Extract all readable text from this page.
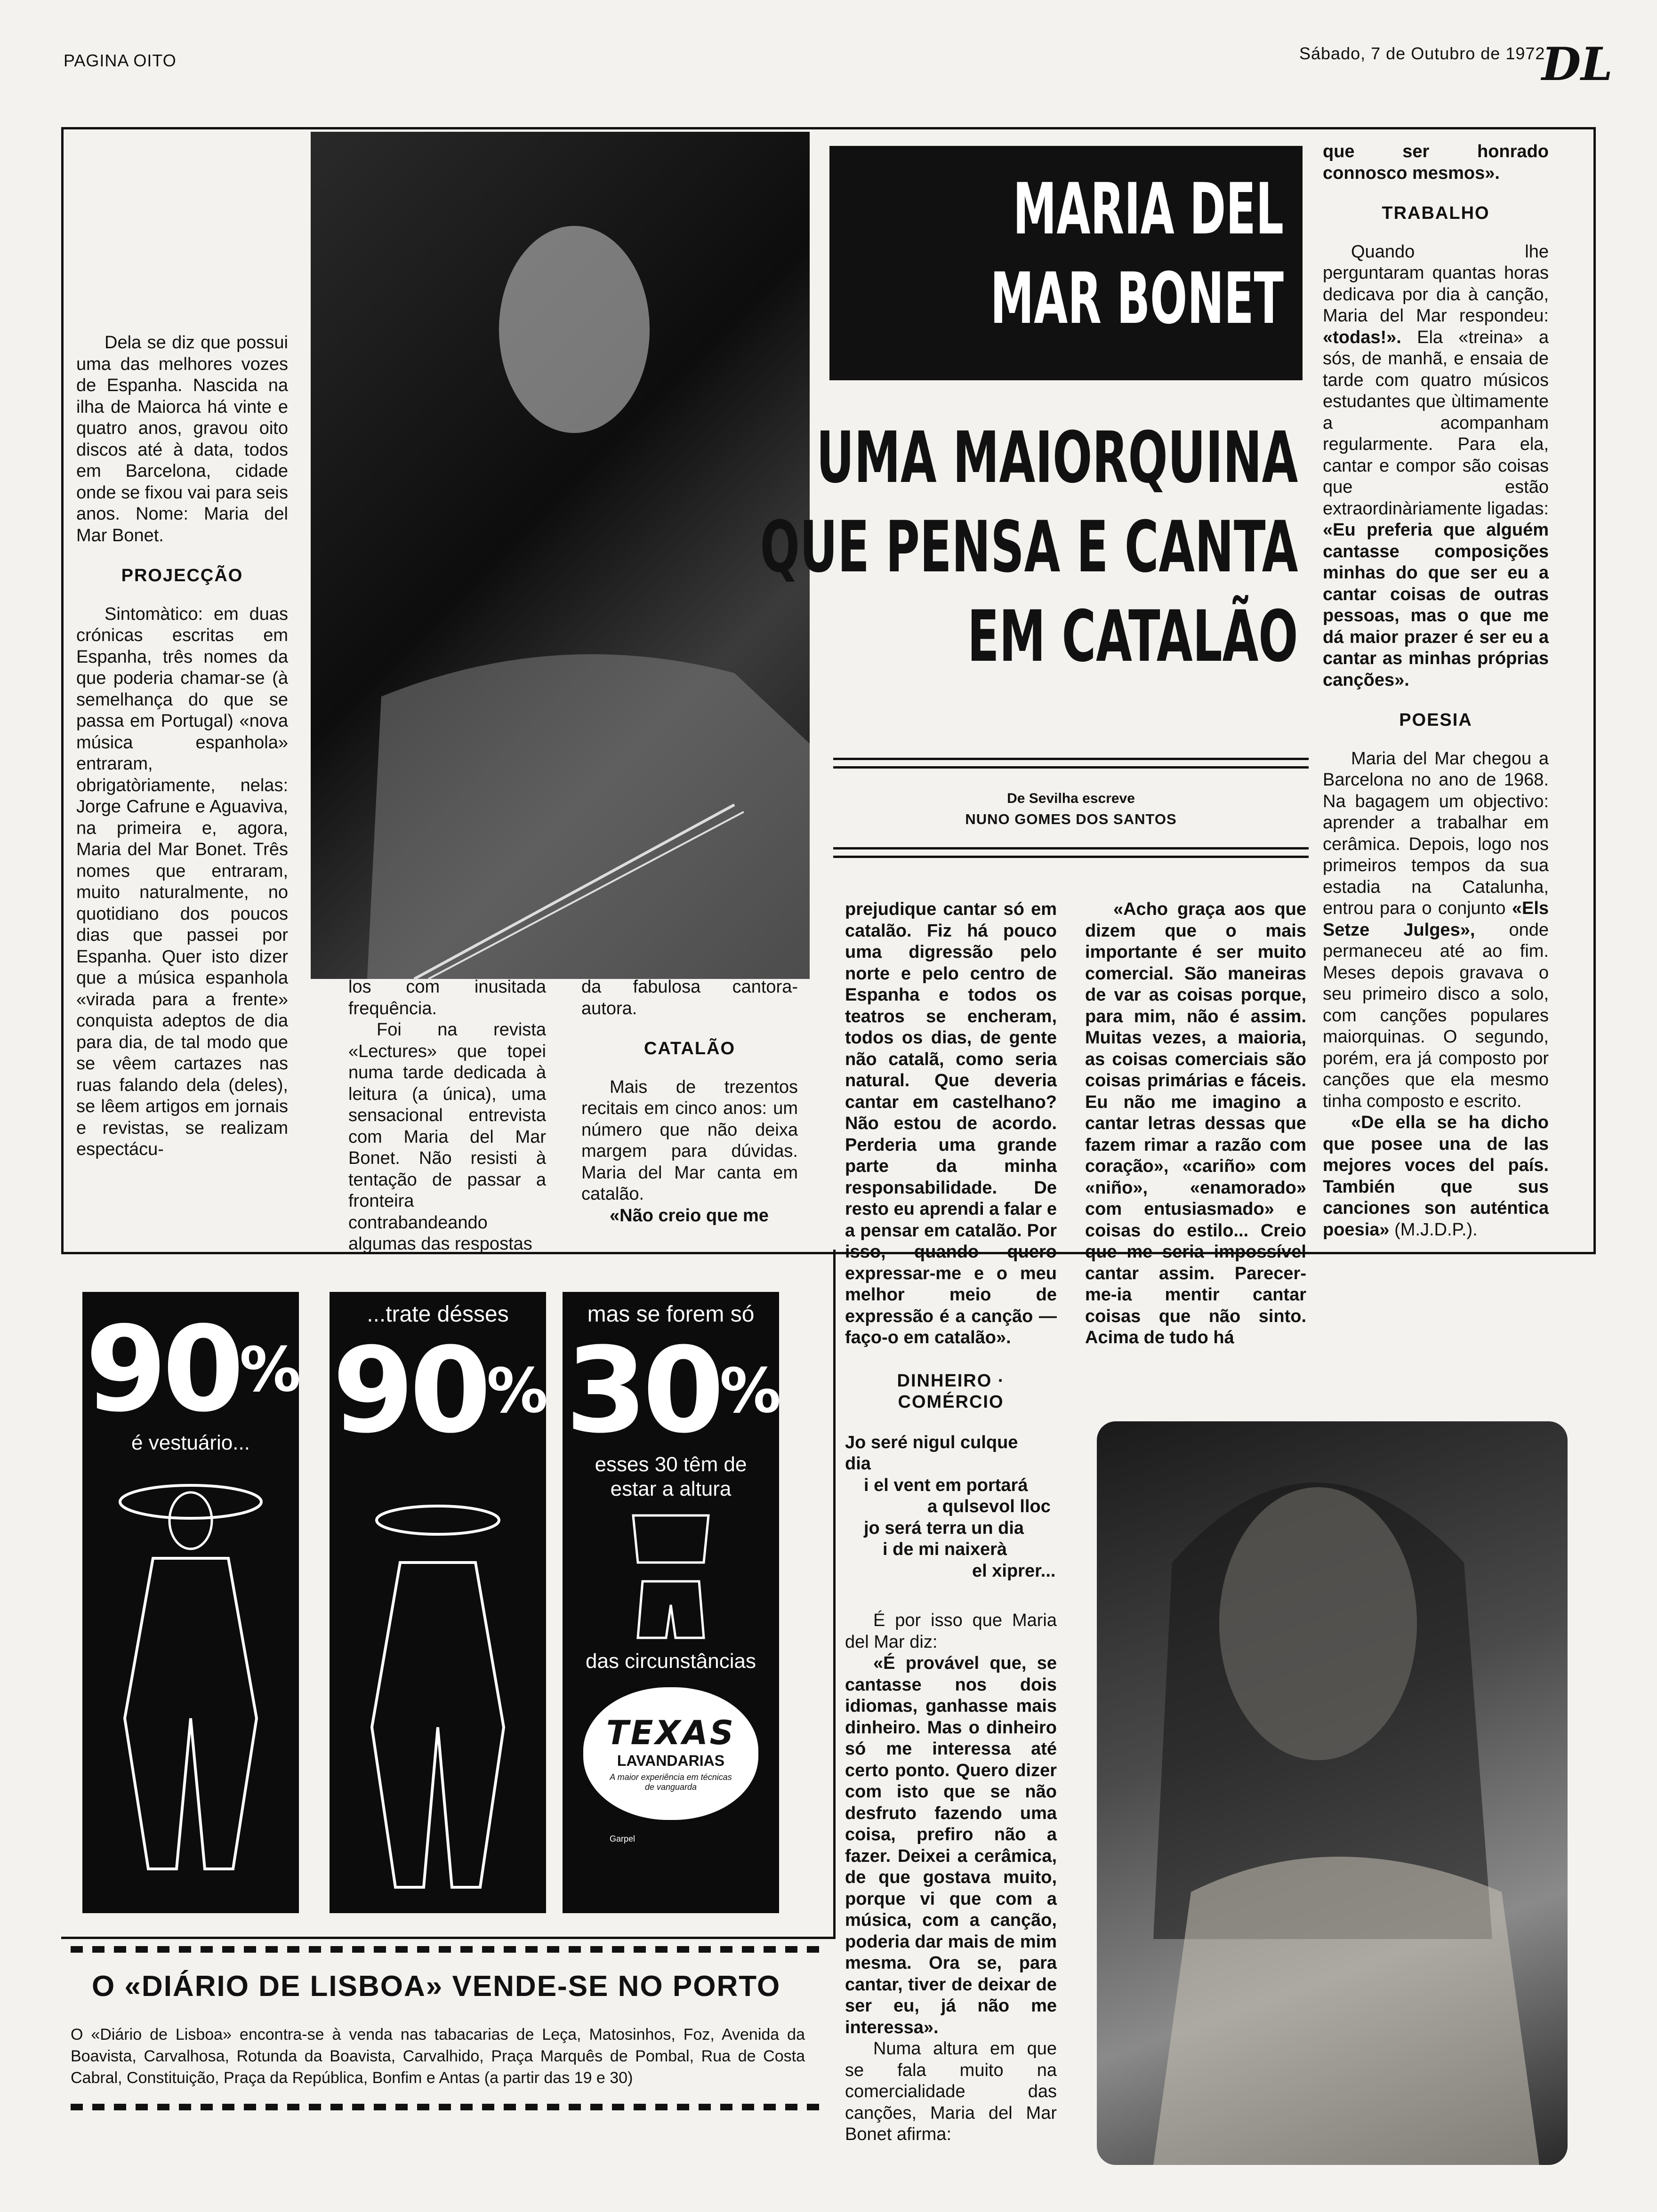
PAGINA OITO	Sábado, 7 de Outubro de 1972
DL

Dela se diz que possui uma das melhores vozes de Espanha. Nascida na ilha de Maiorca há vinte e quatro anos, gravou oito discos até à data, todos em Barcelona, cidade onde se fixou vai para seis anos. Nome: Maria del Mar Bonet.

PROJECÇÃO

Sintomàtico: em duas crónicas escritas em Espanha, três nomes da que poderia chamar-se (à semelhança do que se passa em Portugal) «nova música espanhola» entraram, obrigatòriamente, nelas: Jorge Cafrune e Aguaviva, na primeira e, agora, Maria del Mar Bonet. Três nomes que entraram, muito naturalmente, no quotidiano dos poucos dias que passei por Espanha. Quer isto dizer que a música espanhola «virada para a frente» conquista adeptos de dia para dia, de tal modo que se vêem cartazes nas ruas falando dela (deles), se lêem artigos em jornais e revistas, se realizam espectácu-

los com inusitada frequência.

Foi na revista «Lectures» que topei numa tarde dedicada à leitura (a única), uma sensacional entrevista com Maria del Mar Bonet. Não resisti à tentação de passar a fronteira contrabandeando algumas das respostas

da fabulosa cantora-autora.

CATALÃO

Mais de trezentos recitais em cinco anos: um número que não deixa margem para dúvidas. Maria del Mar canta em catalão.

«Não creio que me

MARIA DEL MAR BONET
UMA MAIORQUINA
QUE PENSA E CANTA
EM CATALÃO
De Sevilha escreve
NUNO GOMES DOS SANTOS

prejudique cantar só em catalão. Fiz há pouco uma digressão pelo norte e pelo centro de Espanha e todos os teatros se encheram, todos os dias, de gente não catalã, como seria natural. Que deveria cantar em castelhano? Não estou de acordo. Perderia uma grande parte da minha responsabilidade. De resto eu aprendi a falar e a pensar em catalão. Por isso, quando quero expressar-me e o meu melhor meio de expressão é a canção — faço-o em catalão».

DINHEIRO · COMÉRCIO
Jo seré nigul culque
dia
i el vent em portará
a qulsevol lloc
jo será terra un dia
i de mi naixerà
el xiprer...

É por isso que Maria del Mar diz:

«É provável que, se cantasse nos dois idiomas, ganhasse mais dinheiro. Mas o dinheiro só me interessa até certo ponto. Quero dizer com isto que se não desfruto fazendo uma coisa, prefiro não a fazer. Deixei a cerâmica, de que gostava muito, porque vi que com a música, com a canção, poderia dar mais de mim mesma. Ora se, para cantar, tiver de deixar de ser eu, já não me interessa».

Numa altura em que se fala muito na comercialidade das canções, Maria del Mar Bonet afirma:

«Acho graça aos que dizem que o mais importante é ser muito comercial. São maneiras de var as coisas porque, para mim, não é assim. Muitas vezes, a maioria, as coisas comerciais são coisas primárias e fáceis. Eu não me imagino a cantar letras dessas que fazem rimar a razão com coração», «cariño» com «niño», «enamorado» com entusiasmado» e coisas do estilo... Creio que me seria impossível cantar assim. Parecer-me-ia mentir cantar coisas que não sinto. Acima de tudo há

que ser honrado connosco mesmos».

TRABALHO

Quando lhe perguntaram quantas horas dedicava por dia à canção, Maria del Mar respondeu: «todas!». Ela «treina» a sós, de manhã, e ensaia de tarde com quatro músicos estudantes que ùltimamente a acompanham regularmente. Para ela, cantar e compor são coisas que estão extraordinàriamente ligadas: «Eu preferia que alguém cantasse composições minhas do que ser eu a cantar coisas de outras pessoas, mas o que me dá maior prazer é ser eu a cantar as minhas próprias canções».

POESIA

Maria del Mar chegou a Barcelona no ano de 1968. Na bagagem um objectivo: aprender a trabalhar em cerâmica. Depois, logo nos primeiros tempos da sua estadia na Catalunha, entrou para o conjunto «Els Setze Julges», onde permaneceu até ao fim. Meses depois gravava o seu primeiro disco a solo, com canções populares maiorquinas. O segundo, porém, era já composto por canções que ela mesmo tinha composto e escrito.

«De ella se ha dicho que posee una de las mejores voces del país. También que sus canciones son auténtica poesia» (M.J.D.P.).

90%
é vestuário...
...trate désses
90%
mas se forem só
30%
esses 30 têm de estar a altura
das circunstâncias
TEXAS
LAVANDARIAS
A maior experiência em técnicas de vanguarda
Garpel
O «DIÁRIO DE LISBOA» VENDE-SE NO PORTO
O «Diário de Lisboa» encontra-se à venda nas tabacarias de Leça, Matosinhos, Foz, Avenida da Boavista, Carvalhosa, Rotunda da Boavista, Carvalhido, Praça Marquês de Pombal, Rua de Costa Cabral, Constituição, Praça da República, Bonfim e Antas (a partir das 19 e 30)
